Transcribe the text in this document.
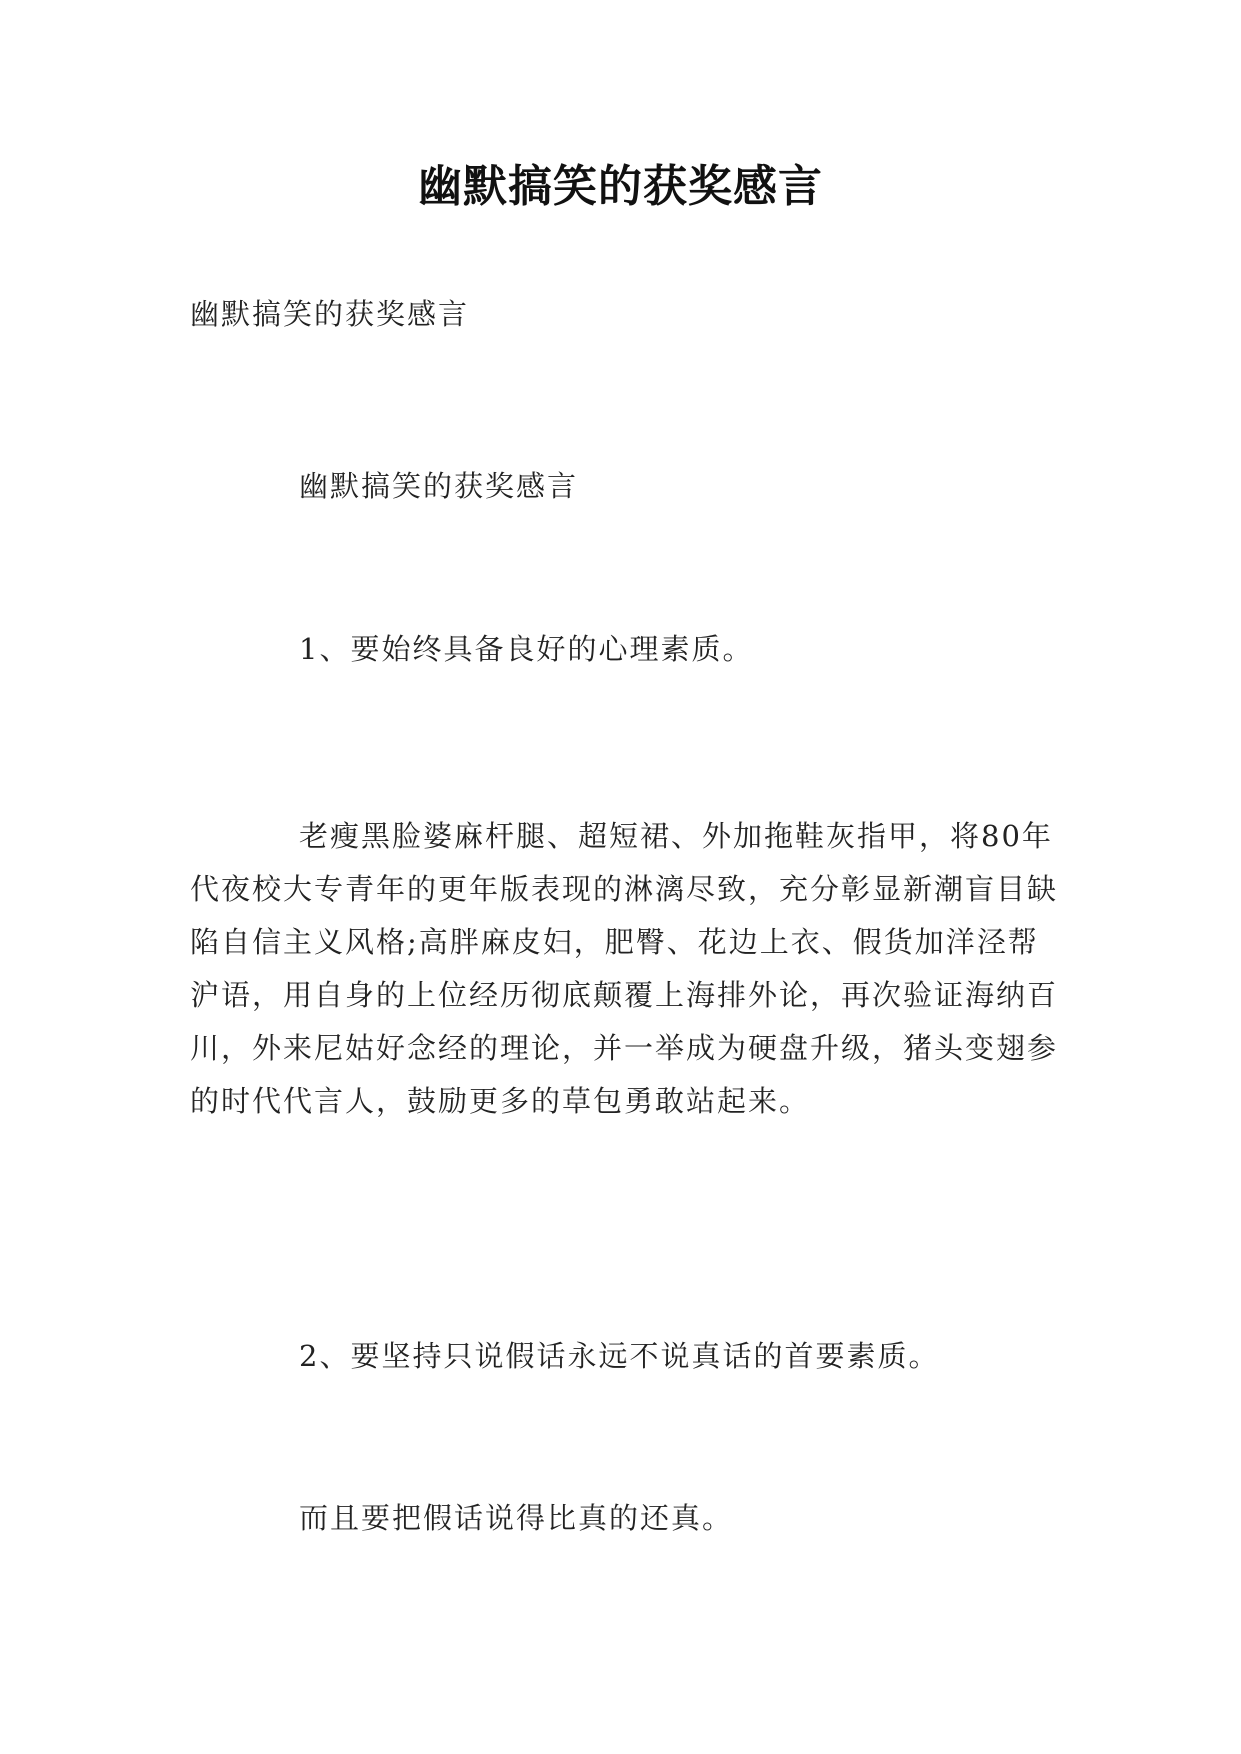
幽默搞笑的获奖感言

幽默搞笑的获奖感言

幽默搞笑的获奖感言

1、要始终具备良好的心理素质。

老瘦黑脸婆麻杆腿、超短裙、外加拖鞋灰指甲，将80年代夜校大专青年的更年版表现的淋漓尽致，充分彰显新潮盲目缺陷自信主义风格;高胖麻皮妇，肥臀、花边上衣、假货加洋泾帮沪语，用自身的上位经历彻底颠覆上海排外论，再次验证海纳百川，外来尼姑好念经的理论，并一举成为硬盘升级，猪头变翅参的时代代言人，鼓励更多的草包勇敢站起来。

2、要坚持只说假话永远不说真话的首要素质。

而且要把假话说得比真的还真。
